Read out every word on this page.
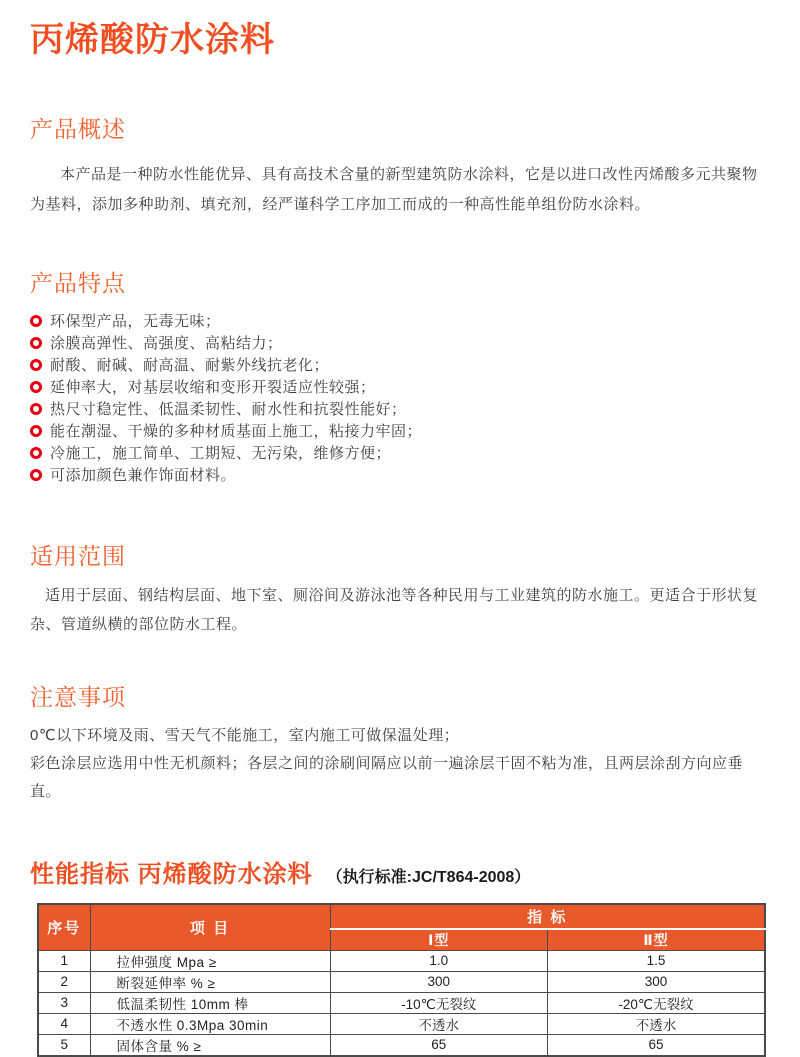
丙烯酸防水涂料
产品概述

本产品是一种防水性能优异、具有高技术含量的新型建筑防水涂料，它是以进口改性丙烯酸多元共聚物为基料，添加多种助剂、填充剂，经严谨科学工序加工而成的一种高性能单组份防水涂料。

产品特点
环保型产品，无毒无味；
涂膜高弹性、高强度、高粘结力；
耐酸、耐碱、耐高温、耐紫外线抗老化；
延伸率大，对基层收缩和变形开裂适应性较强；
热尺寸稳定性、低温柔韧性、耐水性和抗裂性能好；
能在潮湿、干燥的多种材质基面上施工，粘接力牢固；
冷施工，施工简单、工期短、无污染，维修方便；
可添加颜色兼作饰面材料。
适用范围

适用于层面、钢结构层面、地下室、厕浴间及游泳池等各种民用与工业建筑的防水施工。更适合于形状复杂、管道纵横的部位防水工程。

注意事项

0℃以下环境及雨、雪天气不能施工，室内施工可做保温处理；

彩色涂层应选用中性无机颜料；各层之间的涂刷间隔应以前一遍涂层干固不粘为准，且两层涂刮方向应垂直。

性能指标 丙烯酸防水涂料 （执行标准:JC/T864-2008）
序号	项 目	指 标	
		Ⅰ型	Ⅱ型
1	拉伸强度 Mpa ≥	1.0	1.5
2	断裂延伸率 % ≥	300	300
3	低温柔韧性 10mm 棒	-10℃无裂纹	-20℃无裂纹
4	不透水性 0.3Mpa 30min	不透水	不透水
5	固体含量 % ≥	65	65
